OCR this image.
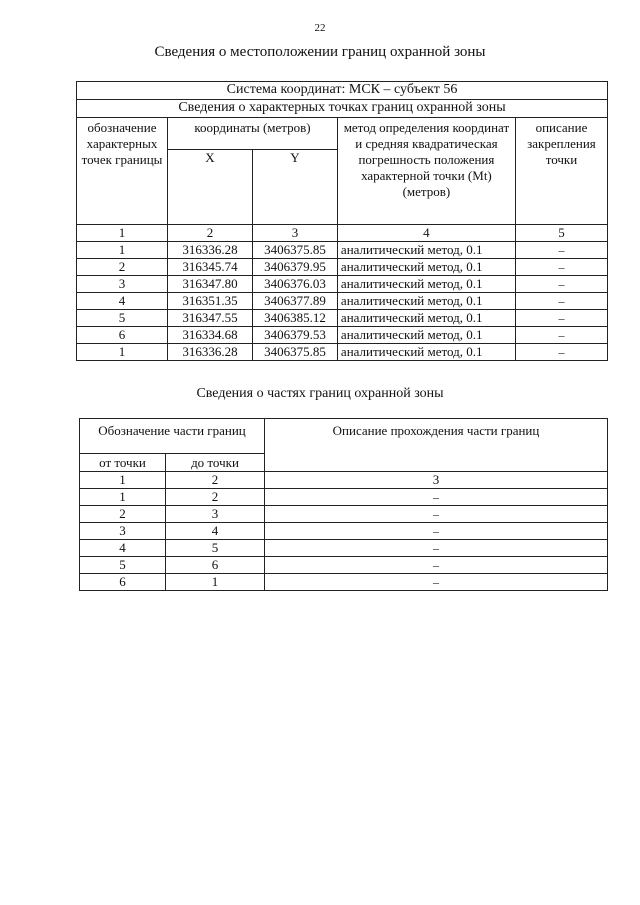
22
Сведения о местоположении границ охранной зоны
Система координат: МСК – субъект 56				
Сведения о характерных точках границ охранной зоны				
обозначение характерных точек границы	координаты (метров)		метод определения координат и средняя квадратическая погрешность положения характерной точки (Mt) (метров)	описание закрепления точки
	X	Y		
1	2	3	4	5
1	316336.28	3406375.85	аналитический метод, 0.1	–
2	316345.74	3406379.95	аналитический метод, 0.1	–
3	316347.80	3406376.03	аналитический метод, 0.1	–
4	316351.35	3406377.89	аналитический метод, 0.1	–
5	316347.55	3406385.12	аналитический метод, 0.1	–
6	316334.68	3406379.53	аналитический метод, 0.1	–
1	316336.28	3406375.85	аналитический метод, 0.1	–
Сведения о частях границ охранной зоны
Обозначение части границ		Описание прохождения части границ
от точки	до точки	
1	2	3
1	2	–
2	3	–
3	4	–
4	5	–
5	6	–
6	1	–
